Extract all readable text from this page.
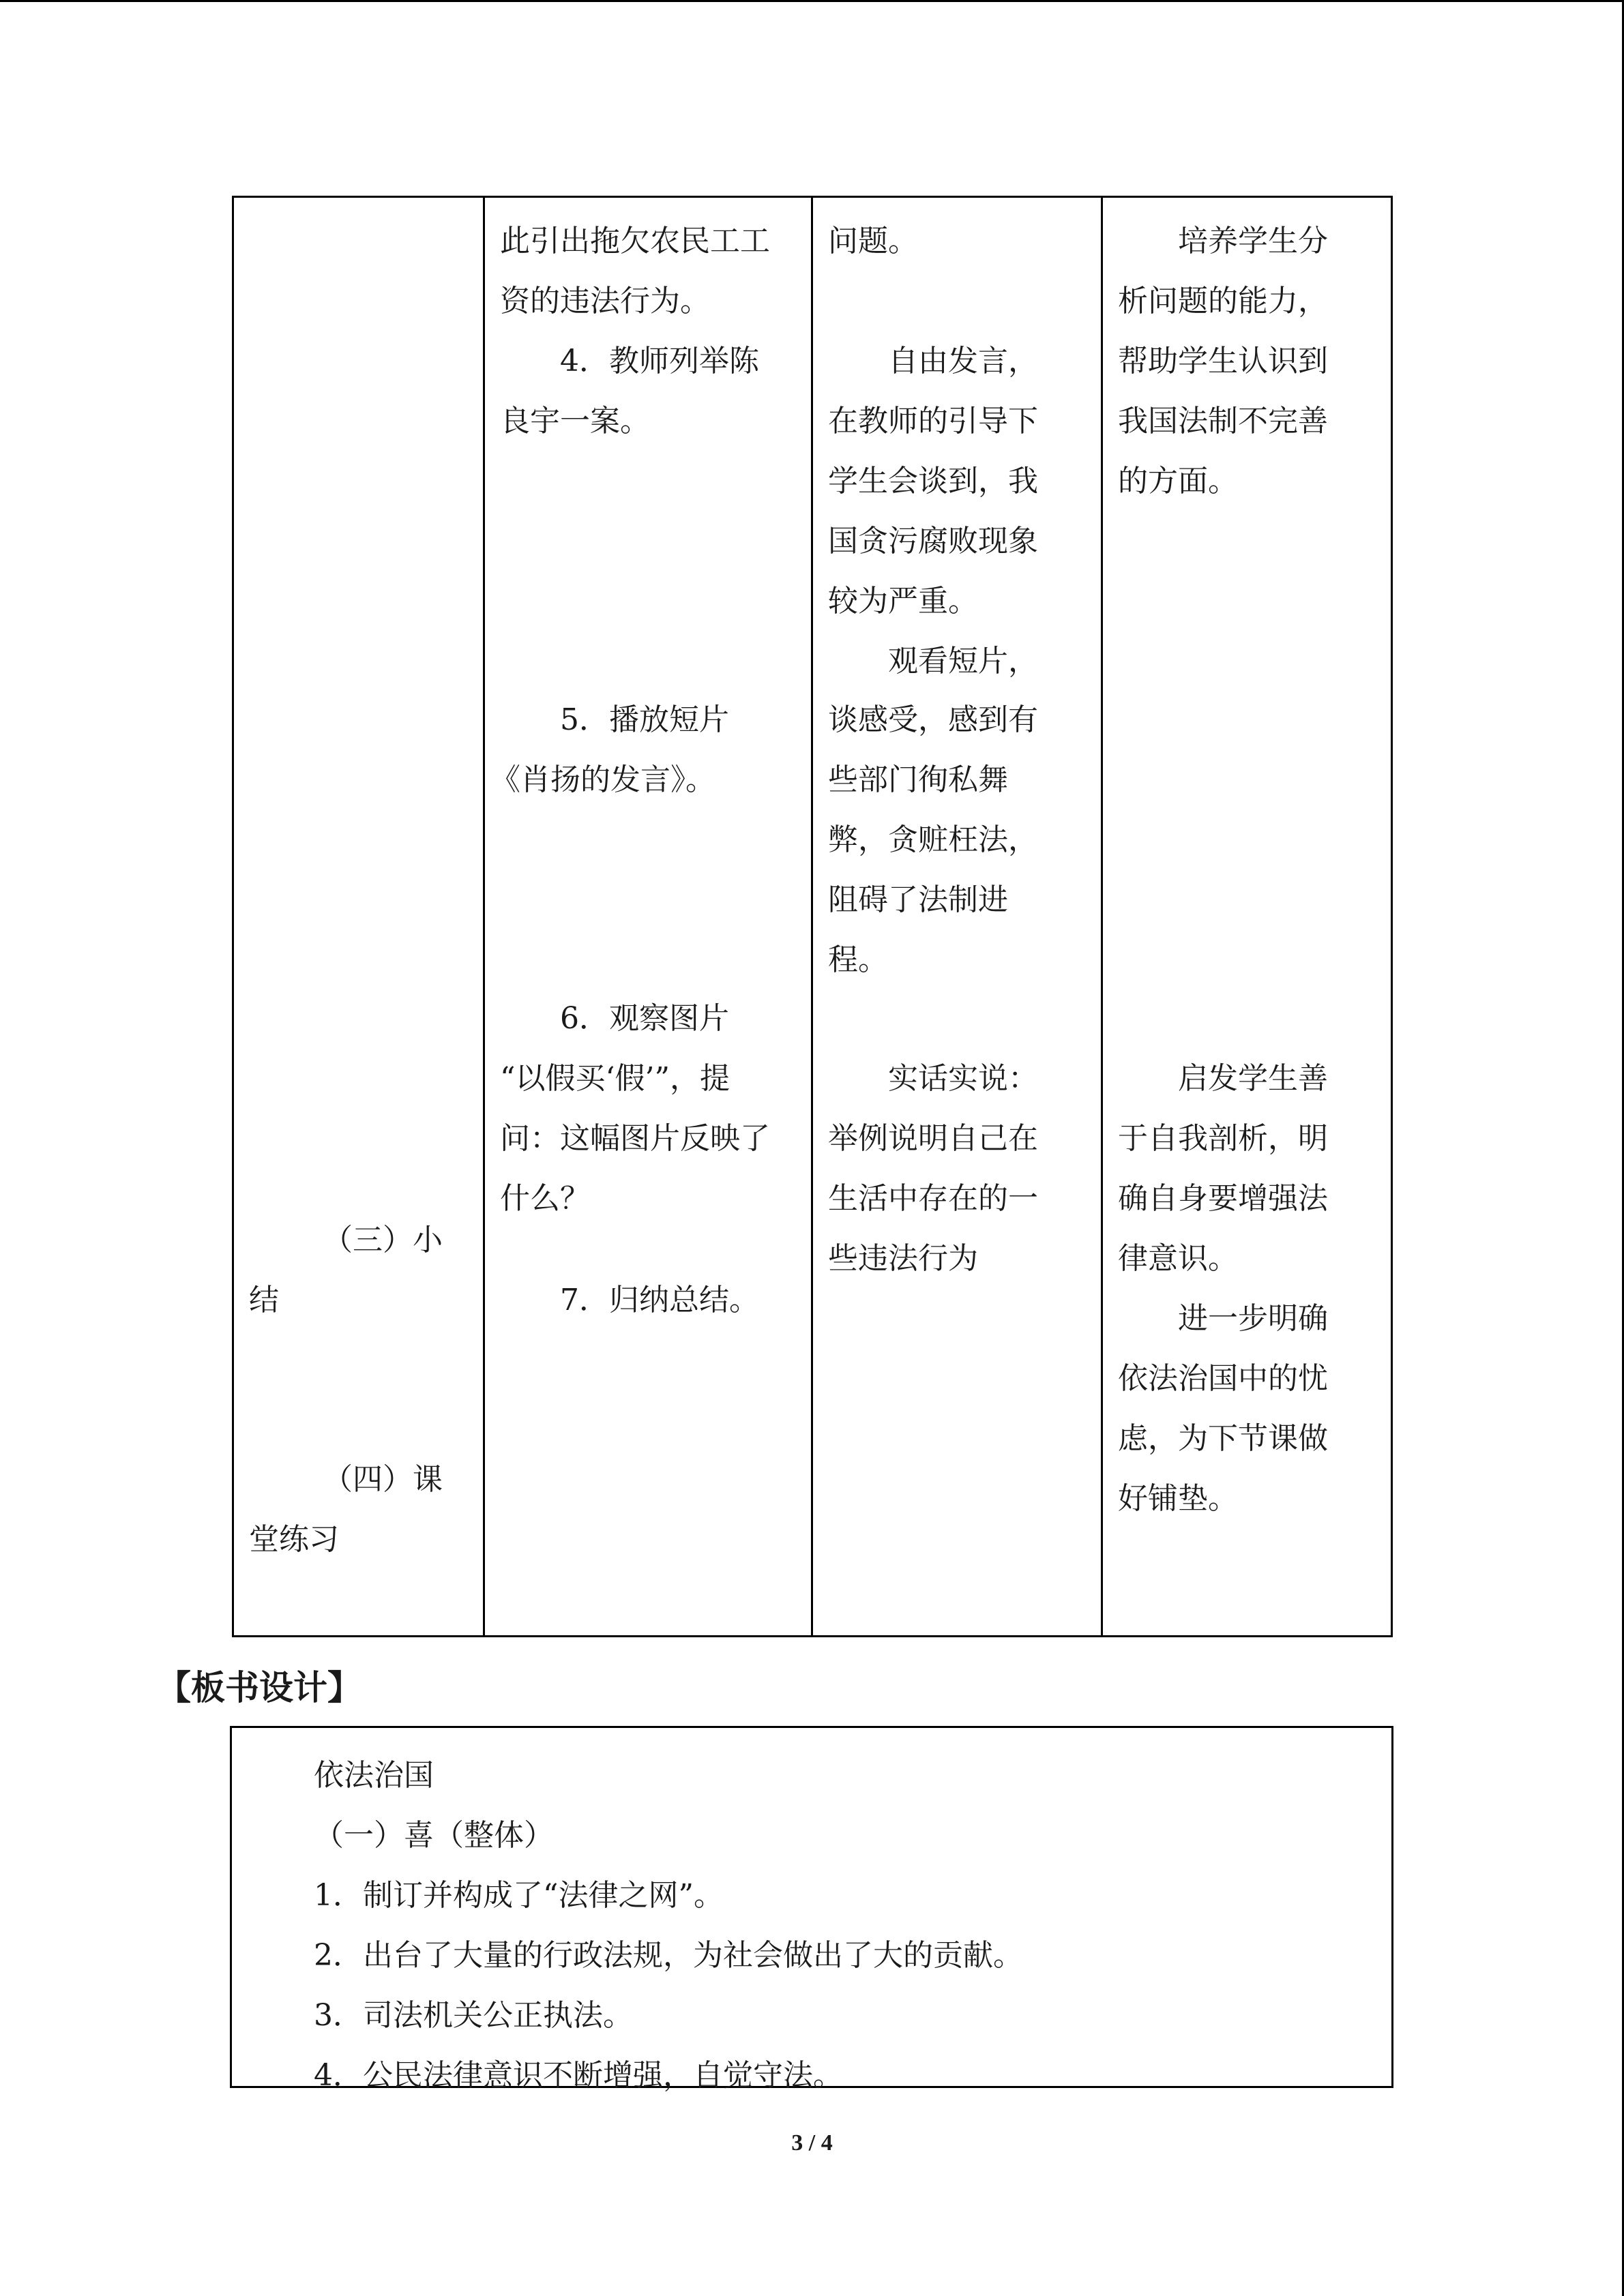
（三）小
结
（四）课
堂练习
此引出拖欠农民工工
资的违法行为。
4．教师列举陈
良宇一案。
5．播放短片
《肖扬的发言》。
6．观察图片
“以假买‘假’”，提
问：这幅图片反映了
什么？
7．归纳总结。
问题。
自由发言，
在教师的引导下
学生会谈到，我
国贪污腐败现象
较为严重。
观看短片，
谈感受，感到有
些部门徇私舞
弊，贪赃枉法，
阻碍了法制进
程。
实话实说：
举例说明自己在
生活中存在的一
些违法行为
培养学生分
析问题的能力，
帮助学生认识到
我国法制不完善
的方面。
启发学生善
于自我剖析，明
确自身要增强法
律意识。
进一步明确
依法治国中的忧
虑，为下节课做
好铺垫。
【板书设计】
依法治国
（一）喜（整体）
1．制订并构成了“法律之网”。
2．出台了大量的行政法规，为社会做出了大的贡献。
3．司法机关公正执法。
4．公民法律意识不断增强，自觉守法。
3 / 4
